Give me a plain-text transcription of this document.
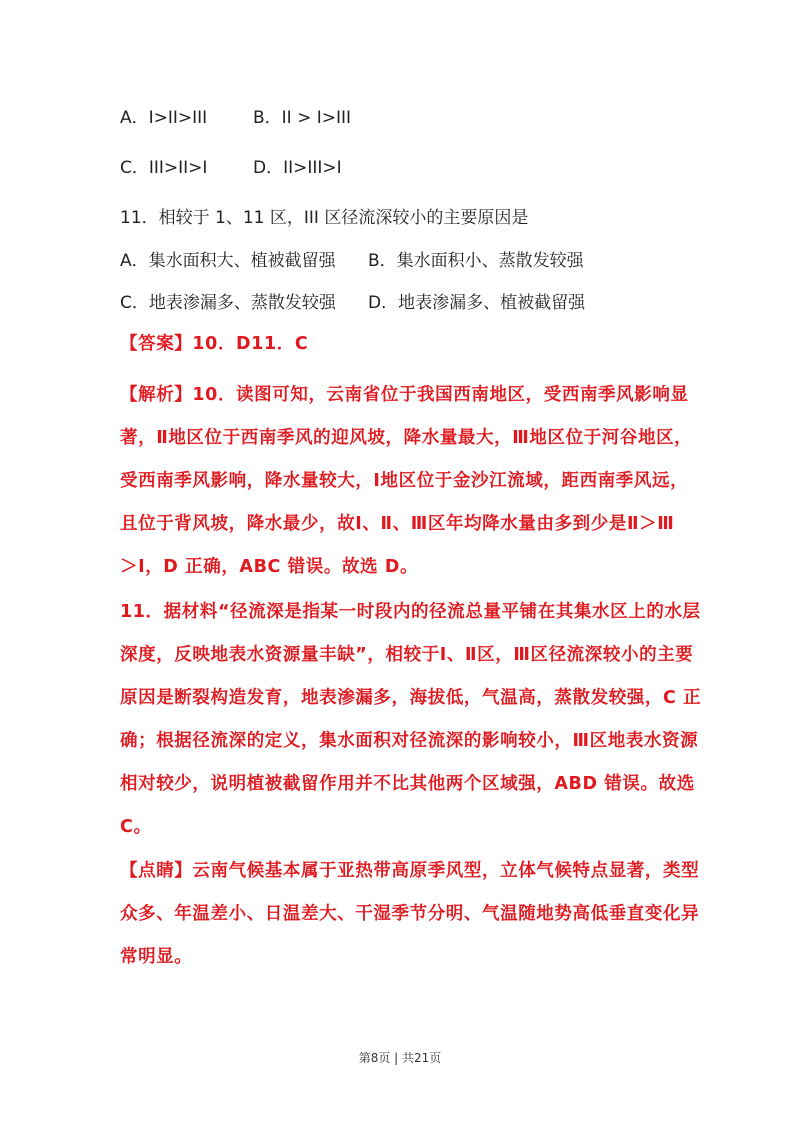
A．I>II>III	B．II > I>III
C．III>II>I	D．II>III>I
11．相较于 1、11 区，III 区径流深较小的主要原因是
A．集水面积大、植被截留强 B．集水面积小、蒸散发较强
C．地表渗漏多、蒸散发较强 D．地表渗漏多、植被截留强
【答案】10．D11．C
【解析】10．读图可知，云南省位于我国西南地区，受西南季风影响显
著，Ⅱ地区位于西南季风的迎风坡，降水量最大，Ⅲ地区位于河谷地区，
受西南季风影响，降水量较大，Ⅰ地区位于金沙江流域，距西南季风远，
且位于背风坡，降水最少，故Ⅰ、Ⅱ、Ⅲ区年均降水量由多到少是Ⅱ＞Ⅲ
＞Ⅰ，D 正确，ABC 错误。故选 D。
11．据材料“径流深是指某一时段内的径流总量平铺在其集水区上的水层
深度，反映地表水资源量丰缺”，相较于Ⅰ、Ⅱ区，Ⅲ区径流深较小的主要
原因是断裂构造发育，地表渗漏多，海拔低，气温高，蒸散发较强，C 正
确；根据径流深的定义，集水面积对径流深的影响较小，Ⅲ区地表水资源
相对较少，说明植被截留作用并不比其他两个区域强，ABD 错误。故选
C。
【点睛】云南气候基本属于亚热带高原季风型，立体气候特点显著，类型
众多、年温差小、日温差大、干湿季节分明、气温随地势高低垂直变化异
常明显。
第8页 | 共21页
